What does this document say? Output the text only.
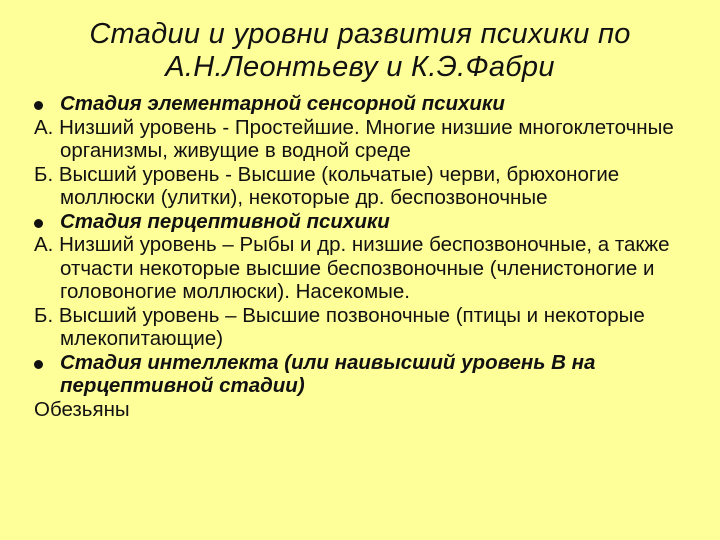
Стадии и уровни развития психики по
А.Н.Леонтьеву и К.Э.Фабри
Стадия элементарной сенсорной психики
А. Низший уровень - Простейшие. Многие низшие многоклеточные организмы, живущие в водной среде
Б. Высший уровень - Высшие (кольчатые) черви, брюхоногие моллюски (улитки), некоторые др. беспозвоночные
Стадия перцептивной психики
А. Низший уровень – Рыбы и др. низшие беспозвоночные, а также отчасти некоторые высшие беспозвоночные (членистоногие и головоногие моллюски). Насекомые.
Б. Высший уровень – Высшие позвоночные (птицы и некоторые млекопитающие)
Стадия интеллекта (или наивысший уровень В на перцептивной стадии)
Обезьяны
